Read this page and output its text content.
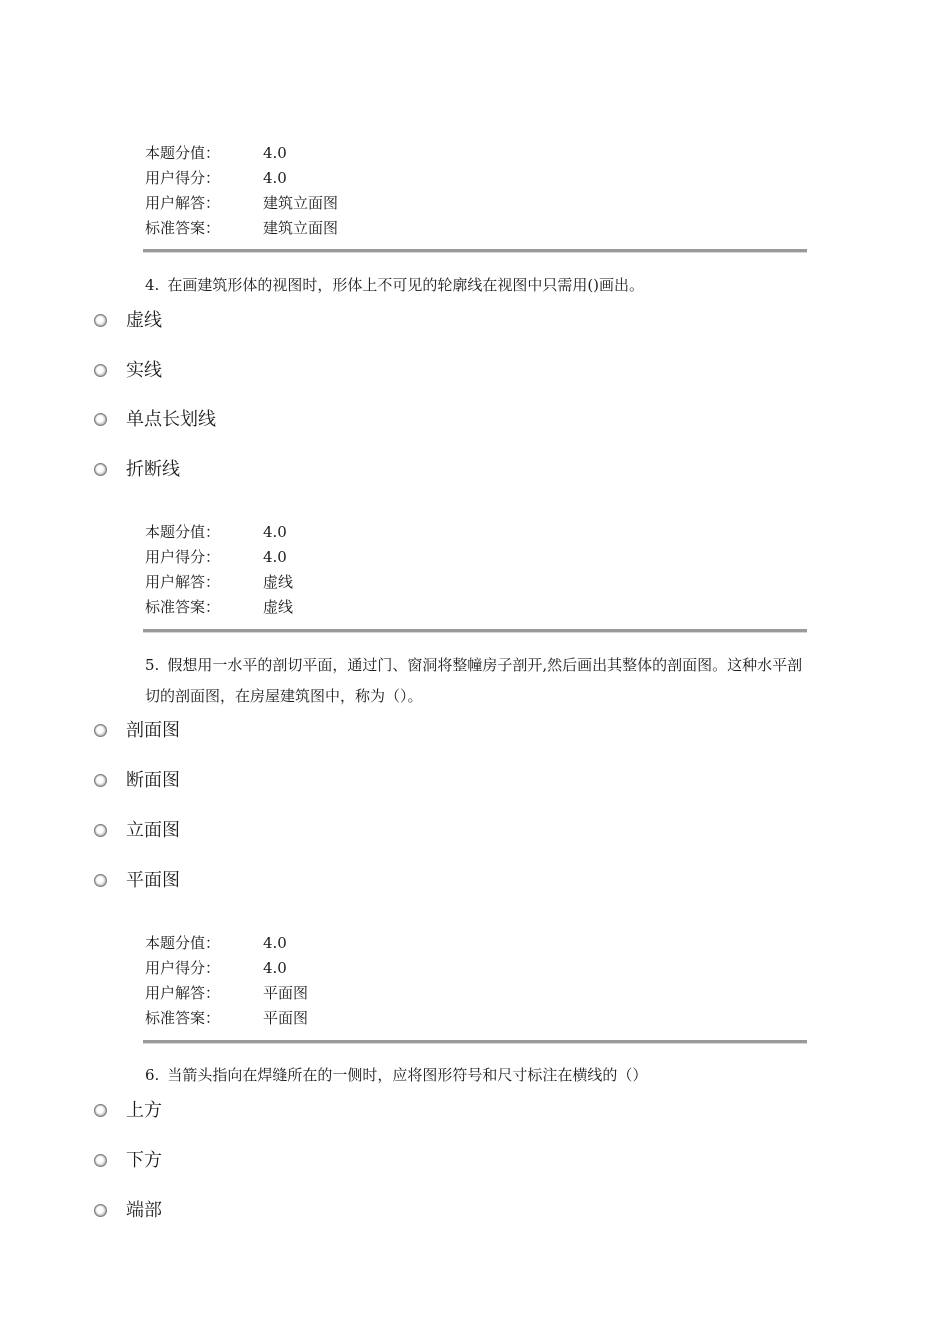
本题分值：	4.0
用户得分：	4.0
用户解答：	建筑立面图
标准答案：	建筑立面图
4. 在画建筑形体的视图时，形体上不可见的轮廓线在视图中只需用()画出。
虚线
实线
单点长划线
折断线
本题分值：	4.0
用户得分：	4.0
用户解答：	虚线
标准答案：	虚线
5. 假想用一水平的剖切平面，通过门、窗洞将整幢房子剖开,然后画出其整体的剖面图。这种水平剖切的剖面图，在房屋建筑图中，称为（）。
剖面图
断面图
立面图
平面图
本题分值：	4.0
用户得分：	4.0
用户解答：	平面图
标准答案：	平面图
6. 当箭头指向在焊缝所在的一侧时，应将图形符号和尺寸标注在横线的（）
上方
下方
端部
